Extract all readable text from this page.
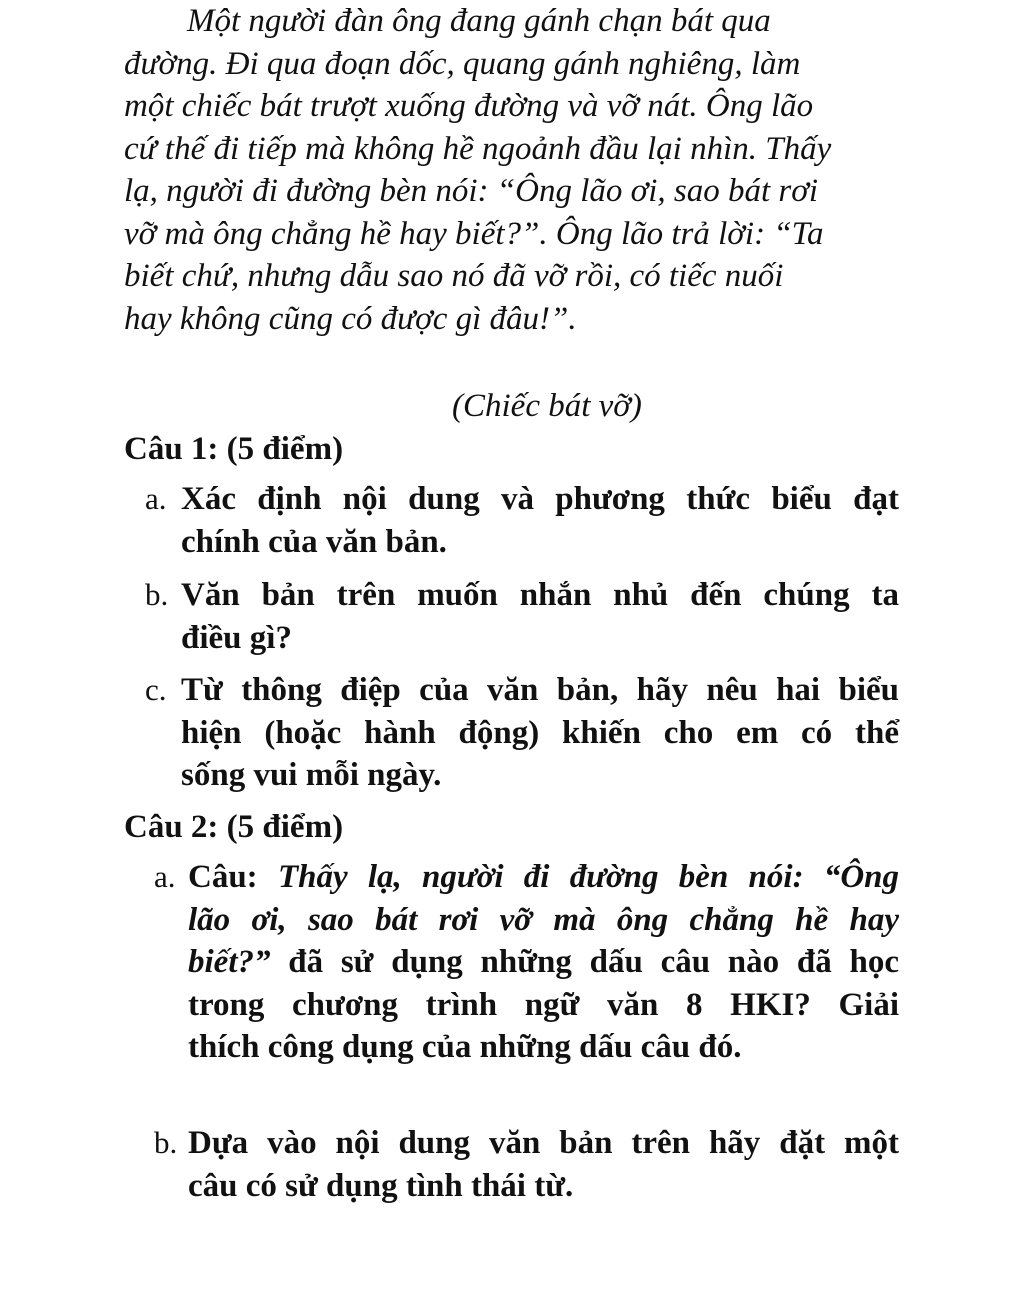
Một người đàn ông đang gánh chạn bát qua
đường. Đi qua đoạn dốc, quang gánh nghiêng, làm
một chiếc bát trượt xuống đường và vỡ nát. Ông lão
cứ thế đi tiếp mà không hề ngoảnh đầu lại nhìn. Thấy
lạ, người đi đường bèn nói: “Ông lão ơi, sao bát rơi
vỡ mà ông chẳng hề hay biết?”. Ông lão trả lời: “Ta
biết chứ, nhưng dẫu sao nó đã vỡ rồi, có tiếc nuối
hay không cũng có được gì đâu!”.
(Chiếc bát vỡ)
Câu 1: (5 điểm)
a. Xác định nội dung và phương thức biểu đạt
chính của văn bản.
b. Văn bản trên muốn nhắn nhủ đến chúng ta
điều gì?
c. Từ thông điệp của văn bản, hãy nêu hai biểu
hiện (hoặc hành động) khiến cho em có thể
sống vui mỗi ngày.
Câu 2: (5 điểm)
a. Câu: Thấy lạ, người đi đường bèn nói: “Ông
lão ơi, sao bát rơi vỡ mà ông chẳng hề hay
biết?” đã sử dụng những dấu câu nào đã học
trong chương trình ngữ văn 8 HKI? Giải
thích công dụng của những dấu câu đó.
b. Dựa vào nội dung văn bản trên hãy đặt một
câu có sử dụng tình thái từ.
